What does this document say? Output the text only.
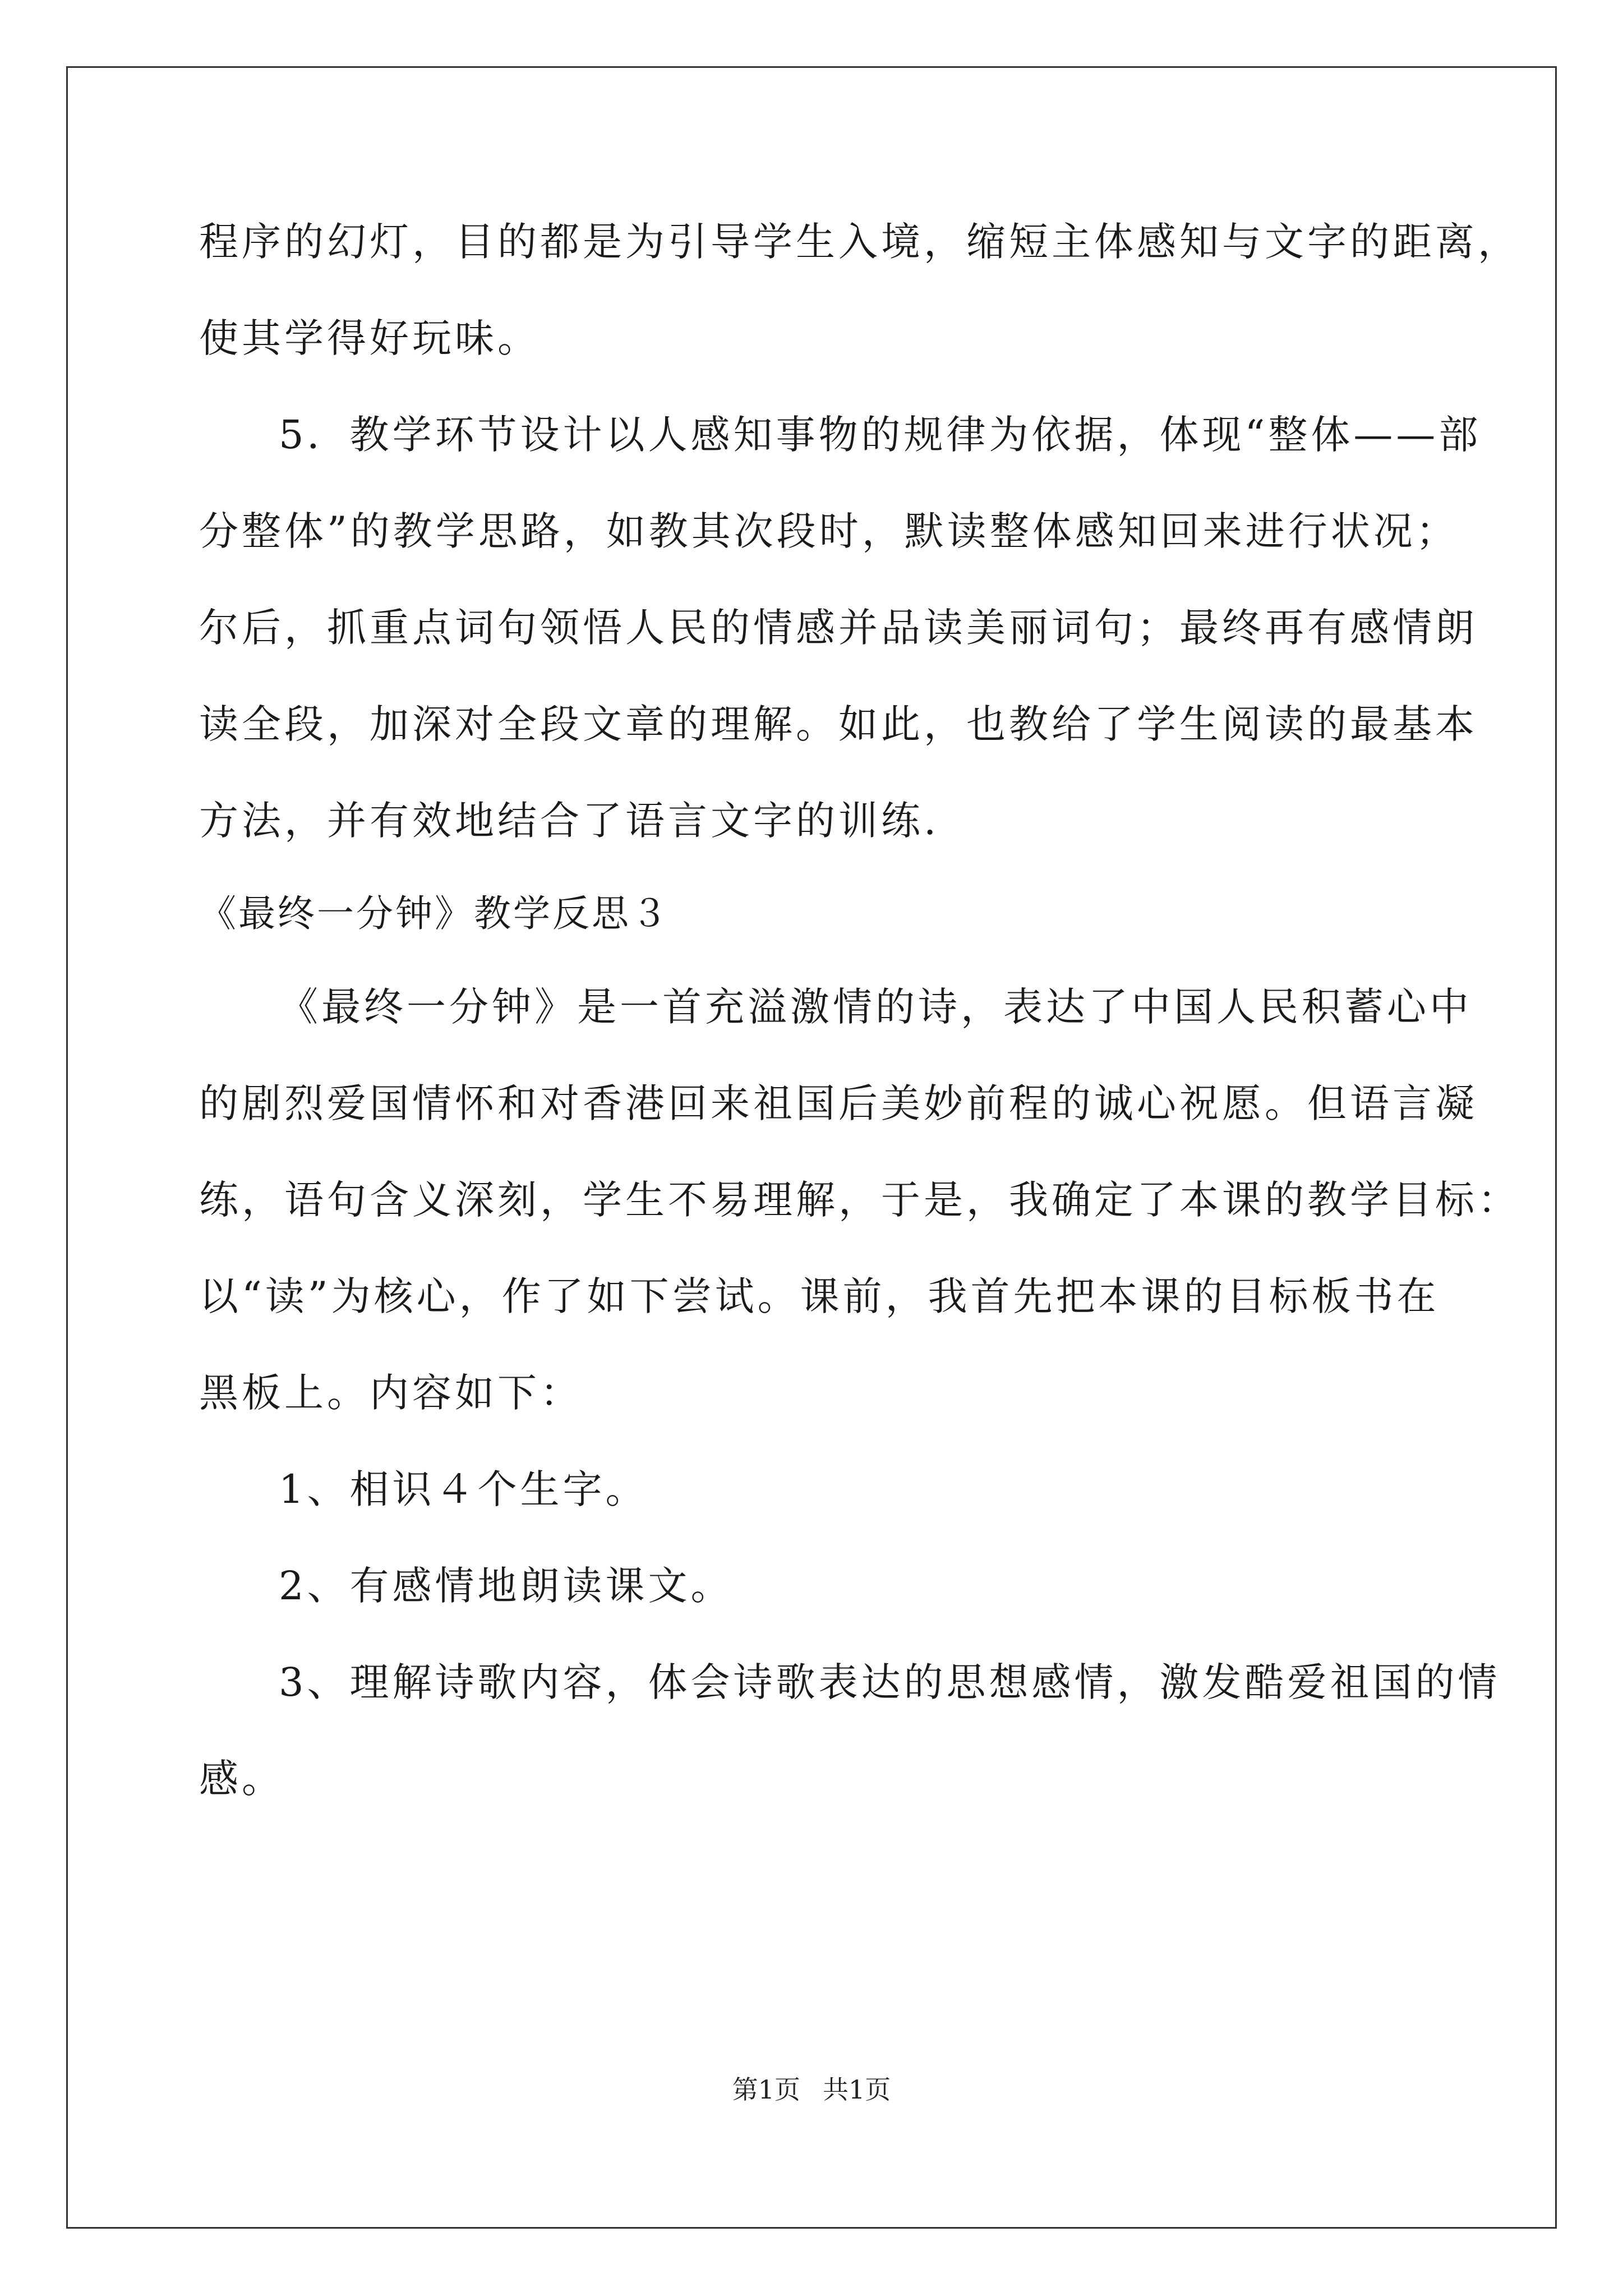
程序的幻灯，目的都是为引导学生入境，缩短主体感知与文字的距离，
使其学得好玩味。
5．教学环节设计以人感知事物的规律为依据，体现“整体——部
分整体”的教学思路，如教其次段时，默读整体感知回来进行状况；
尔后，抓重点词句领悟人民的情感并品读美丽词句；最终再有感情朗
读全段，加深对全段文章的理解。如此，也教给了学生阅读的最基本
方法，并有效地结合了语言文字的训练.
《最终一分钟》教学反思３
《最终一分钟》是一首充溢激情的诗，表达了中国人民积蓄心中
的剧烈爱国情怀和对香港回来祖国后美妙前程的诚心祝愿。但语言凝
练，语句含义深刻，学生不易理解，于是，我确定了本课的教学目标：
以“读”为核心，作了如下尝试。课前，我首先把本课的目标板书在
黑板上。内容如下：
1、相识４个生字。
2、有感情地朗读课文。
3、理解诗歌内容，体会诗歌表达的思想感情，激发酷爱祖国的情
感。
第1页 共1页
